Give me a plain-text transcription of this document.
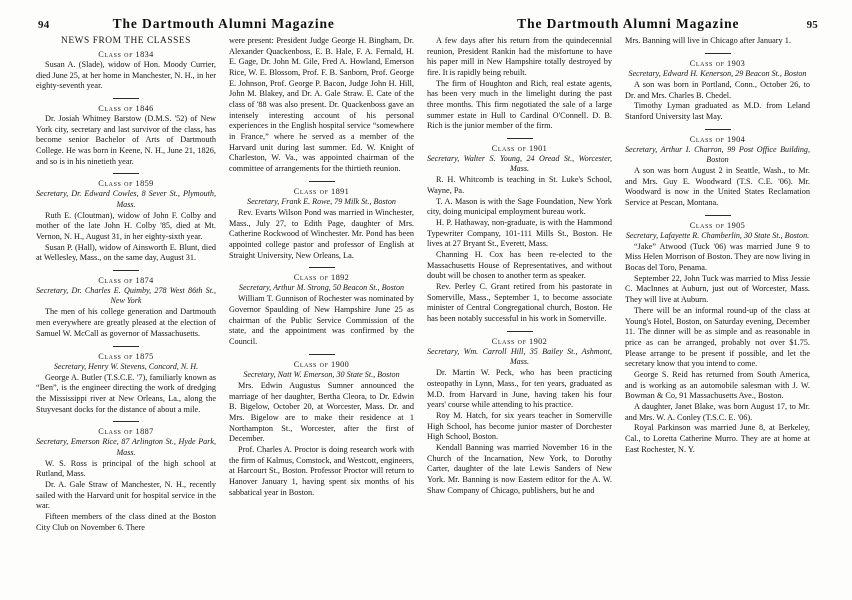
94	The Dartmouth Alumni Magazine	The Dartmouth Alumni Magazine	95
NEWS FROM THE CLASSES
Class of 1834

Susan A. (Slade), widow of Hon. Moody Currier, died June 25, at her home in Manchester, N. H., in her eighty-seventh year.

Class of 1846

Dr. Josiah Whitney Barstow (D.M.S. '52) of New York city, secretary and last survivor of the class, has become senior Bachelor of Arts of Dartmouth College. He was born in Keene, N. H., June 21, 1826, and so is in his ninetieth year.

Class of 1859
Secretary, Dr. Edward Cowles, 8 Sever St., Plymouth, Mass.

Ruth E. (Cloutman), widow of John F. Colby and mother of the late John H. Colby '85, died at Mt. Vernon, N. H., August 31, in her eighty-sixth year.

Susan P. (Hall), widow of Ainsworth E. Blunt, died at Wellesley, Mass., on the same day, August 31.

Class of 1874
Secretary, Dr. Charles E. Quimby, 278 West 86th St., New York

The men of his college generation and Dartmouth men everywhere are greatly pleased at the election of Samuel W. McCall as governor of Massachusetts.

Class of 1875
Secretary, Henry W. Stevens, Concord, N. H.

George A. Butler (T.S.C.E. '7), familiarly known as “Ben”, is the engineer directing the work of dredging the Mississippi river at New Orleans, La., along the Stuyvesant docks for the distance of about a mile.

Class of 1887
Secretary, Emerson Rice, 87 Arlington St., Hyde Park, Mass.

W. S. Ross is principal of the high school at Rutland, Mass.

Dr. A. Gale Straw of Manchester, N. H., recently sailed with the Harvard unit for hospital service in the war.

Fifteen members of the class dined at the Boston City Club on November 6. There

were present: President Judge George H. Bingham, Dr. Alexander Quackenboss, E. B. Hale, F. A. Fernald, H. E. Gage, Dr. John M. Gile, Fred A. Howland, Emerson Rice, W. E. Blossom, Prof. F. B. Sanborn, Prof. George E. Johnson, Prof. George P. Bacon, Judge John H. Hill, John M. Blakey, and Dr. A. Gale Straw. E. Cate of the class of '88 was also present. Dr. Quackenboss gave an intensely interesting account of his personal experiences in the English hospital service “somewhere in France,” where he served as a member of the Harvard unit during last summer. Ed. W. Knight of Charleston, W. Va., was appointed chairman of the committee of arrangements for the thirtieth reunion.

Class of 1891
Secretary, Frank E. Rowe, 79 Milk St., Boston

Rev. Evarts Wilson Pond was married in Winchester, Mass., July 27, to Edith Page, daughter of Mrs. Catherine Rockwood of Winchester. Mr. Pond has been appointed college pastor and professor of English at Straight University, New Orleans, La.

Class of 1892
Secretary, Arthur M. Strong, 50 Beacon St., Boston

William T. Gunnison of Rochester was nominated by Governor Spaulding of New Hampshire June 25 as chairman of the Public Service Commission of the state, and the appointment was confirmed by the Council.

Class of 1900
Secretary, Natt W. Emerson, 30 State St., Boston

Mrs. Edwin Augustus Sumner announced the marriage of her daughter, Bertha Cleora, to Dr. Edwin B. Bigelow, October 20, at Worcester, Mass. Dr. and Mrs. Bigelow are to make their residence at 1 Northampton St., Worcester, after the first of December.

Prof. Charles A. Proctor is doing research work with the firm of Kalmus, Comstock, and Westcott, engineers, at Harcourt St., Boston. Professor Proctor will return to Hanover January 1, having spent six months of his sabbatical year in Boston.

A few days after his return from the quindecennial reunion, President Rankin had the misfortune to have his paper mill in New Hampshire totally destroyed by fire. It is rapidly being rebuilt.

The firm of Houghton and Rich, real estate agents, has been very much in the limelight during the past three months. This firm negotiated the sale of a large summer estate in Hull to Cardinal O'Connell. D. B. Rich is the junior member of the firm.

Class of 1901
Secretary, Walter S. Young, 24 Oread St., Worcester, Mass.

R. H. Whitcomb is teaching in St. Luke's School, Wayne, Pa.

T. A. Mason is with the Sage Foundation, New York city, doing municipal employment bureau work.

H. P. Hathaway, non-graduate, is with the Hammond Typewriter Company, 101-111 Mills St., Boston. He lives at 27 Bryant St., Everett, Mass.

Channing H. Cox has been re-elected to the Massachusetts House of Representatives, and without doubt will be chosen to another term as speaker.

Rev. Perley C. Grant retired from his pastorate in Somerville, Mass., September 1, to become associate minister of Central Congregational church, Boston. He has been notably successful in his work in Somerville.

Class of 1902
Secretary, Wm. Carroll Hill, 35 Bailey St., Ashmont, Mass.

Dr. Martin W. Peck, who has been practicing osteopathy in Lynn, Mass., for ten years, graduated as M.D. from Harvard in June, having taken his four years' course while attending to his practice.

Roy M. Hatch, for six years teacher in Somerville High School, has become junior master of Dorchester High School, Boston.

Kendall Banning was married November 16 in the Church of the Incarnation, New York, to Dorothy Carter, daughter of the late Lewis Sanders of New York. Mr. Banning is now Eastern editor for the A. W. Shaw Company of Chicago, publishers, but he and

Mrs. Banning will live in Chicago after January 1.

Class of 1903
Secretary, Edward H. Kenerson, 29 Beacon St., Boston

A son was born in Portland, Conn., October 26, to Dr. and Mrs. Charles B. Chedel.

Timothy Lyman graduated as M.D. from Leland Stanford University last May.

Class of 1904
Secretary, Arthur I. Charron, 99 Post Office Building, Boston

A son was born August 2 in Seattle, Wash., to Mr. and Mrs. Guy E. Woodward (T.S. C.E. '06). Mr. Woodward is now in the United States Reclamation Service at Pescan, Montana.

Class of 1905
Secretary, Lafayette R. Chamberlin, 30 State St., Boston.

“Jake” Atwood (Tuck '06) was married June 9 to Miss Helen Morrison of Boston. They are now living in Bocas del Toro, Penama.

September 22, John Tuck was married to Miss Jessie C. MacInnes at Auburn, just out of Worcester, Mass. They will live at Auburn.

There will be an informal round-up of the class at Young's Hotel, Boston, on Saturday evening, December 11. The dinner will be as simple and as reasonable in price as can be arranged, probably not over $1.75. Please arrange to be present if possible, and let the secretary know that you intend to come.

George S. Reid has returned from South America, and is working as an automobile salesman with J. W. Bowman & Co, 91 Massachusetts Ave., Boston.

A daughter, Janet Blake, was born August 17, to Mr. and Mrs. W. A. Conley (T.S.C. E. '06).

Royal Parkinson was married June 8, at Berkeley, Cal., to Loretta Catherine Murro. They are at home at East Rochester, N. Y.
